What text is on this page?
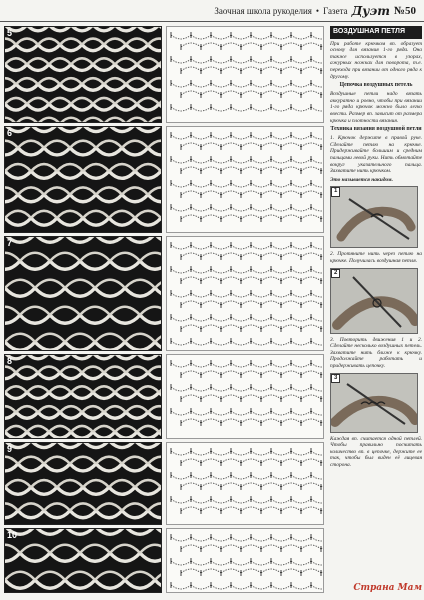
Заочная школа рукоделия • Газета Дуэт №50
5
6
7
8
9
10
ВОЗДУШНАЯ ПЕТЛЯ

При работе крючком вп. образует основу для вязания 1-го ряда. Она также используется в узорах, ажурных ножках для поворота, т.е. перехода при вязании от одного ряда к другому.

Цепочка воздушных петель

Воздушные петли надо вязать аккуратно и ровно, чтобы при вязании 1-го ряда крючок можно было легко ввести. Размер вп. зависит от размера крючка и плотности вязания.

Техника вязания воздушной петли

1. Крючок держите в правой руке. Сделайте петлю на крючке. Придерживайте большим и средним пальцами левой руки. Нить обмотайте вокруг указательного пальца. Захватите нить крючком.

Это называется накидом.

1

2. Протяните нить через петлю на крючке. Получилась воздушная петля.

2

3. Повторить движения 1 и 2. Сделайте несколько воздушных петель. Захватите нить ближе к крючку. Продолжайте работать и придерживать цепочку.

3

Каждая вп. считается одной петлей. Чтобы правильно посчитать количество вп. в цепочке, держите ее так, чтобы был виден её лицевая сторона.

Страна Мам
